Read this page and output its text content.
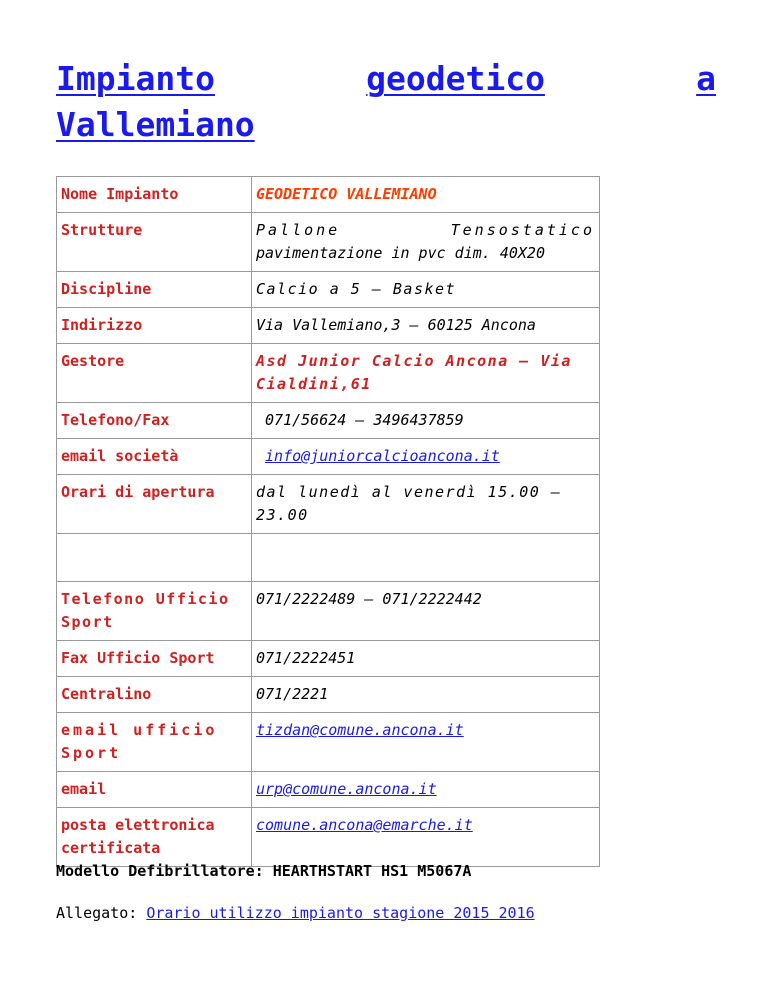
Impianto	geodetico	a
Vallemiano
Nome Impianto	GEODETICO VALLEMIANO
Strutture	Pallone Tensostatico
pavimentazione in pvc dim. 40X20

Discipline	Calcio a 5 – Basket
Indirizzo	Via Vallemiano,3 – 60125 Ancona
Gestore	Asd Junior Calcio Ancona – Via Cialdini,61
Telefono/Fax	071/56624 – 3496437859
email società	info@juniorcalcioancona.it
Orari di apertura	dal lunedì al venerdì 15.00 – 23.00

Telefono Ufficio Sport	071/2222489 – 071/2222442
Fax Ufficio Sport	071/2222451
Centralino	071/2221
email ufficio Sport	tizdan@comune.ancona.it
email	urp@comune.ancona.it
posta elettronica certificata	comune.ancona@emarche.it
Modello Defibrillatore: HEARTHSTART HS1 M5067A
Allegato: Orario utilizzo impianto stagione 2015 2016
